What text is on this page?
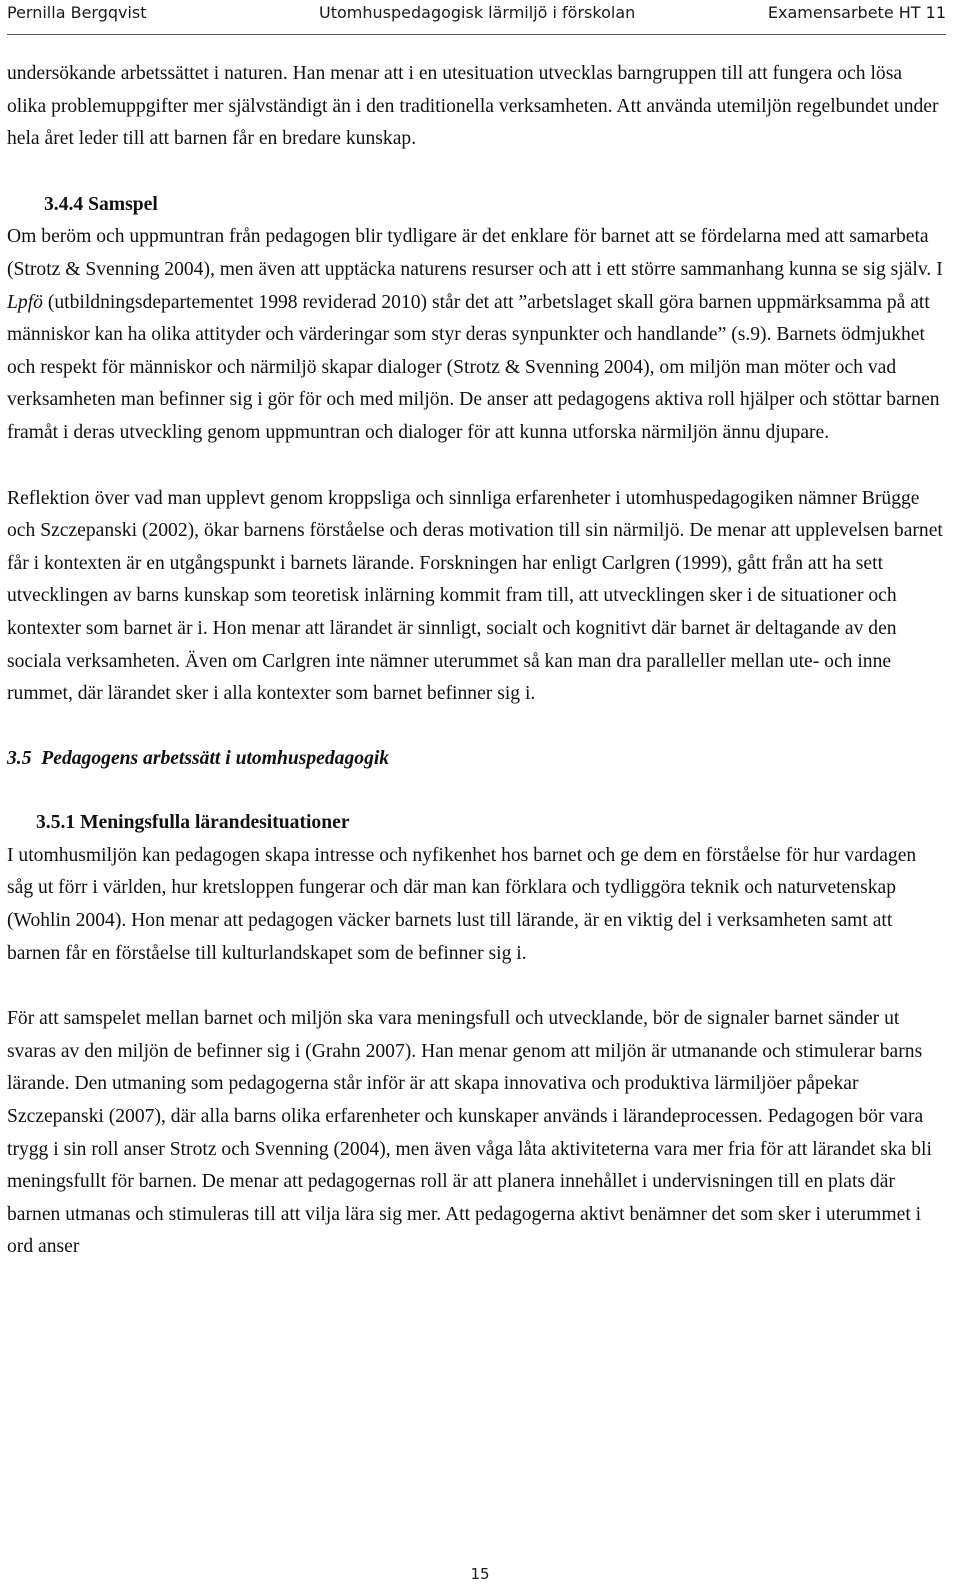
Pernilla Bergqvist	Utomhuspedagogisk lärmiljö i förskolan	Examensarbete HT 11

undersökande arbetssättet i naturen. Han menar att i en utesituation utvecklas barngruppen till att fungera och lösa olika problemuppgifter mer självständigt än i den traditionella verksamheten. Att använda utemiljön regelbundet under hela året leder till att barnen får en bredare kunskap.

3.4.4 Samspel

Om beröm och uppmuntran från pedagogen blir tydligare är det enklare för barnet att se fördelarna med att samarbeta (Strotz & Svenning 2004), men även att upptäcka naturens resurser och att i ett större sammanhang kunna se sig själv. I Lpfö (utbildningsdepartementet 1998 reviderad 2010) står det att ”arbetslaget skall göra barnen uppmärksamma på att människor kan ha olika attityder och värderingar som styr deras synpunkter och handlande” (s.9). Barnets ödmjukhet och respekt för människor och närmiljö skapar dialoger (Strotz & Svenning 2004), om miljön man möter och vad verksamheten man befinner sig i gör för och med miljön. De anser att pedagogens aktiva roll hjälper och stöttar barnen framåt i deras utveckling genom uppmuntran och dialoger för att kunna utforska närmiljön ännu djupare.

Reflektion över vad man upplevt genom kroppsliga och sinnliga erfarenheter i utomhuspedagogiken nämner Brügge och Szczepanski (2002), ökar barnens förståelse och deras motivation till sin närmiljö. De menar att upplevelsen barnet får i kontexten är en utgångspunkt i barnets lärande. Forskningen har enligt Carlgren (1999), gått från att ha sett utvecklingen av barns kunskap som teoretisk inlärning kommit fram till, att utvecklingen sker i de situationer och kontexter som barnet är i. Hon menar att lärandet är sinnligt, socialt och kognitivt där barnet är deltagande av den sociala verksamheten. Även om Carlgren inte nämner uterummet så kan man dra paralleller mellan ute- och inne rummet, där lärandet sker i alla kontexter som barnet befinner sig i.

3.5  Pedagogens arbetssätt i utomhuspedagogik

3.5.1 Meningsfulla lärandesituationer

I utomhusmiljön kan pedagogen skapa intresse och nyfikenhet hos barnet och ge dem en förståelse för hur vardagen såg ut förr i världen, hur kretsloppen fungerar och där man kan förklara och tydliggöra teknik och naturvetenskap (Wohlin 2004). Hon menar att pedagogen väcker barnets lust till lärande, är en viktig del i verksamheten samt att barnen får en förståelse till kulturlandskapet som de befinner sig i.

För att samspelet mellan barnet och miljön ska vara meningsfull och utvecklande, bör de signaler barnet sänder ut svaras av den miljön de befinner sig i (Grahn 2007). Han menar genom att miljön är utmanande och stimulerar barns lärande. Den utmaning som pedagogerna står inför är att skapa innovativa och produktiva lärmiljöer påpekar Szczepanski (2007), där alla barns olika erfarenheter och kunskaper används i lärandeprocessen. Pedagogen bör vara trygg i sin roll anser Strotz och Svenning (2004), men även våga låta aktiviteterna vara mer fria för att lärandet ska bli meningsfullt för barnen. De menar att pedagogernas roll är att planera innehållet i undervisningen till en plats där barnen utmanas och stimuleras till att vilja lära sig mer. Att pedagogerna aktivt benämner det som sker i uterummet i ord anser

15
